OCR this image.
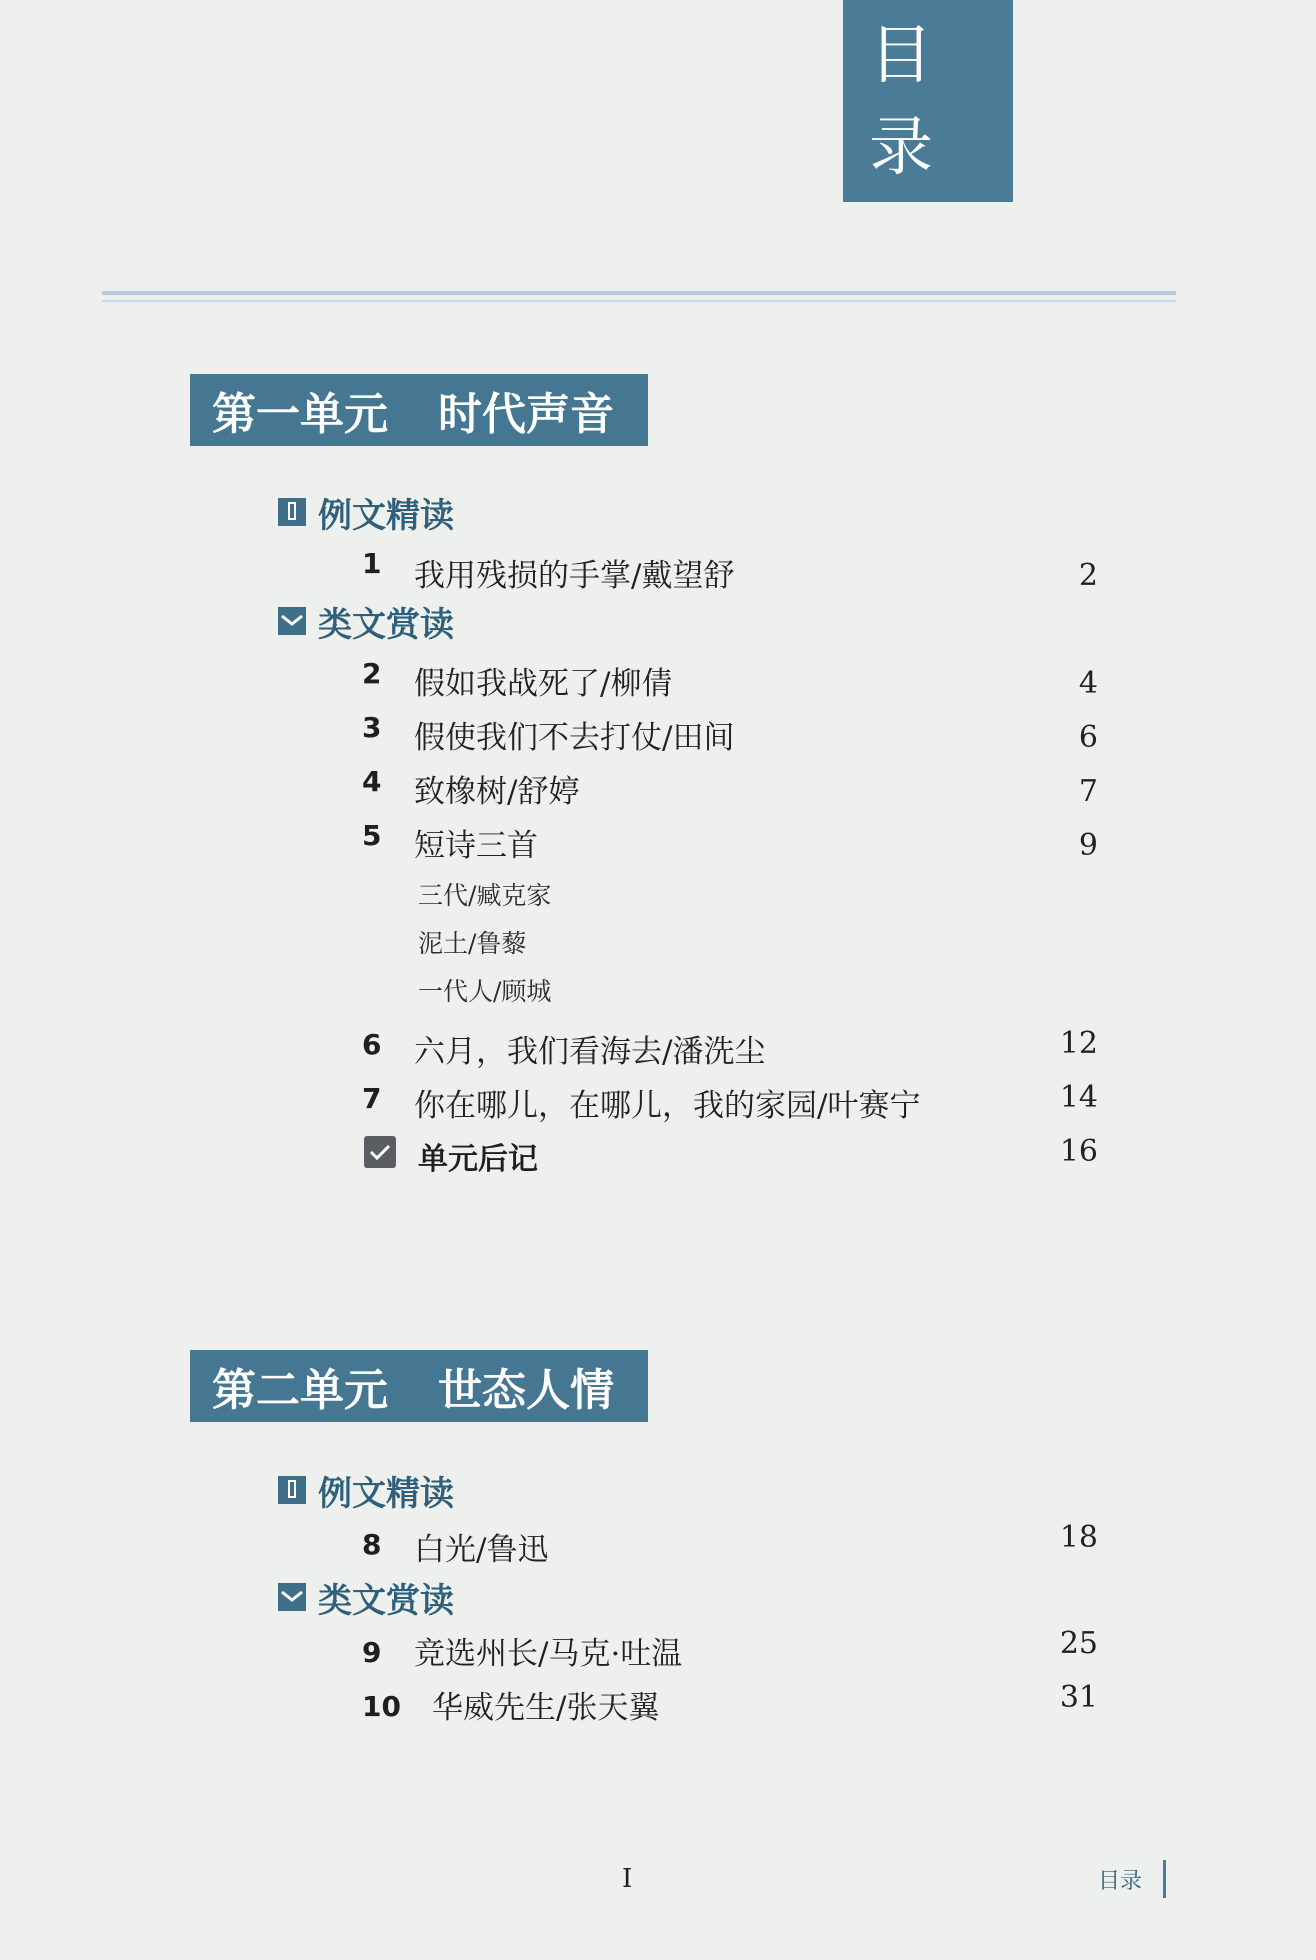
目 录
第一单元 时代声音
例文精读
1 我用残损的手掌/戴望舒	2
类文赏读
2 假如我战死了/柳倩	4
3 假使我们不去打仗/田间	6
4 致橡树/舒婷	7
5 短诗三首	9
三代/臧克家
泥土/鲁藜
一代人/顾城
6 六月，我们看海去/潘洗尘	12
7 你在哪儿，在哪儿，我的家园/叶赛宁	14
单元后记	16
第二单元 世态人情
例文精读
8 白光/鲁迅	18
类文赏读
9 竞选州长/马克·吐温	25
10 华威先生/张天翼	31
I	目录
